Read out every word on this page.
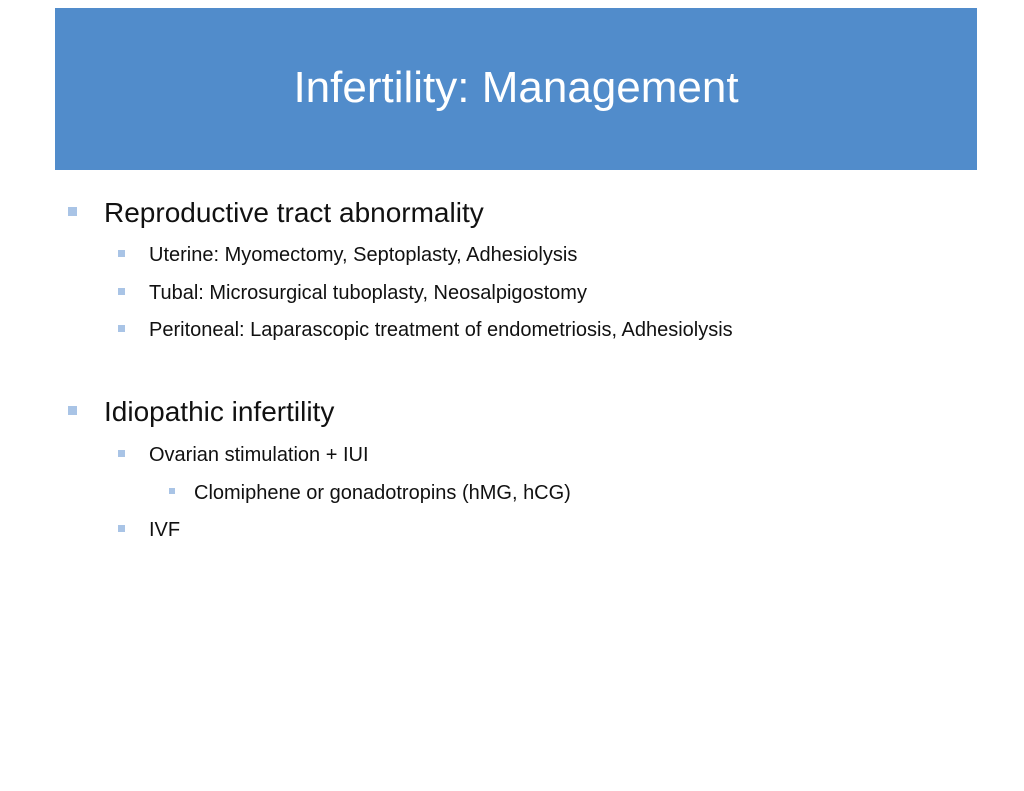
Infertility: Management
Reproductive tract abnormality
Uterine: Myomectomy, Septoplasty, Adhesiolysis
Tubal: Microsurgical tuboplasty, Neosalpigostomy
Peritoneal: Laparascopic treatment of endometriosis, Adhesiolysis
Idiopathic infertility
Ovarian stimulation + IUI
Clomiphene or gonadotropins (hMG, hCG)
IVF
